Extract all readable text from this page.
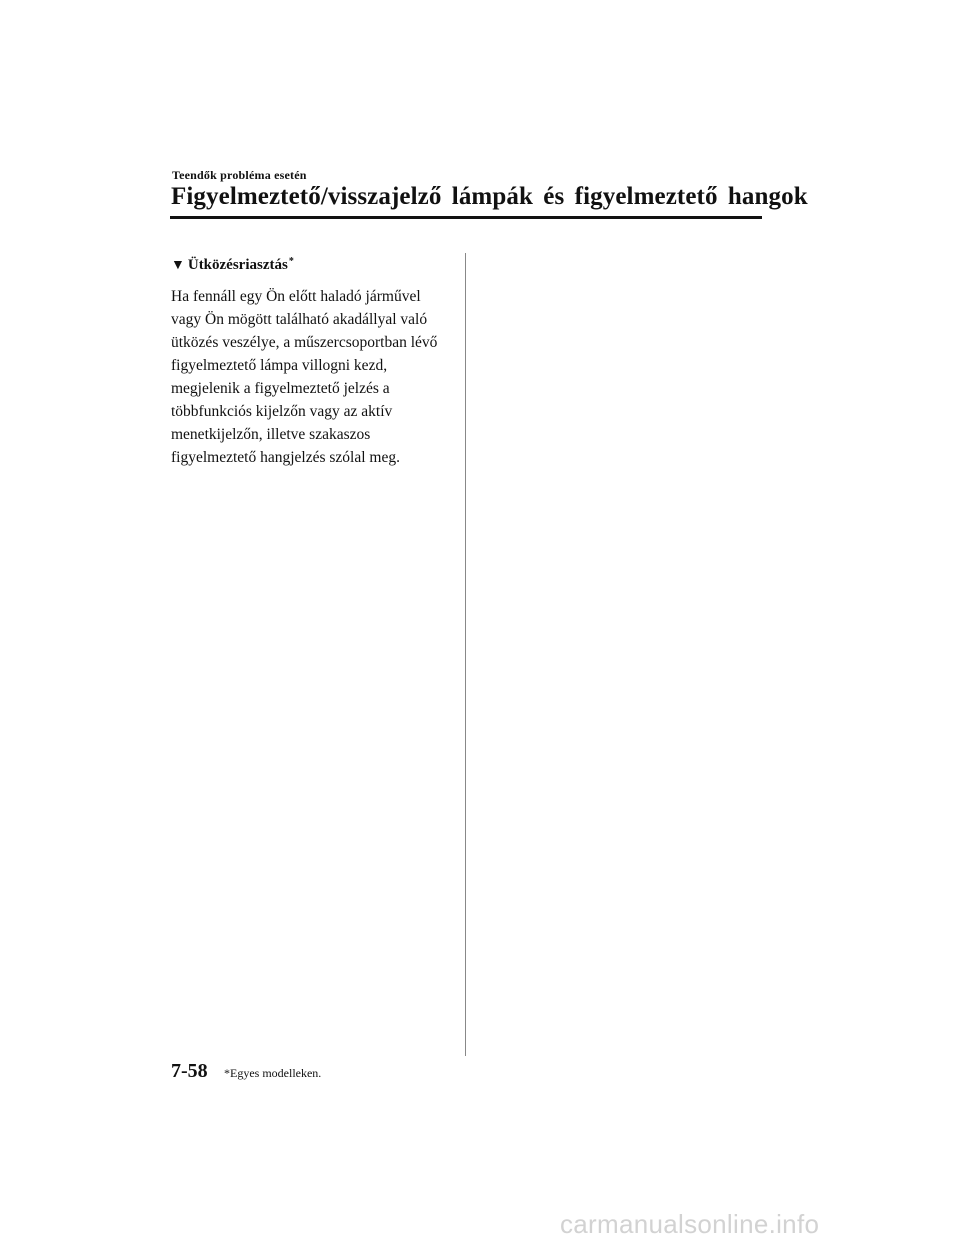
Teendők probléma esetén
Figyelmeztető/visszajelző lámpák és figyelmeztető hangok
▼ Ütközésriasztás*
Ha fennáll egy Ön előtt haladó járművel
vagy Ön mögött található akadállyal való
ütközés veszélye, a műszercsoportban lévő
figyelmeztető lámpa villogni kezd,
megjelenik a figyelmeztető jelzés a
többfunkciós kijelzőn vagy az aktív
menetkijelzőn, illetve szakaszos
figyelmeztető hangjelzés szólal meg.
7-58 *Egyes modelleken.
carmanualsonline.info
